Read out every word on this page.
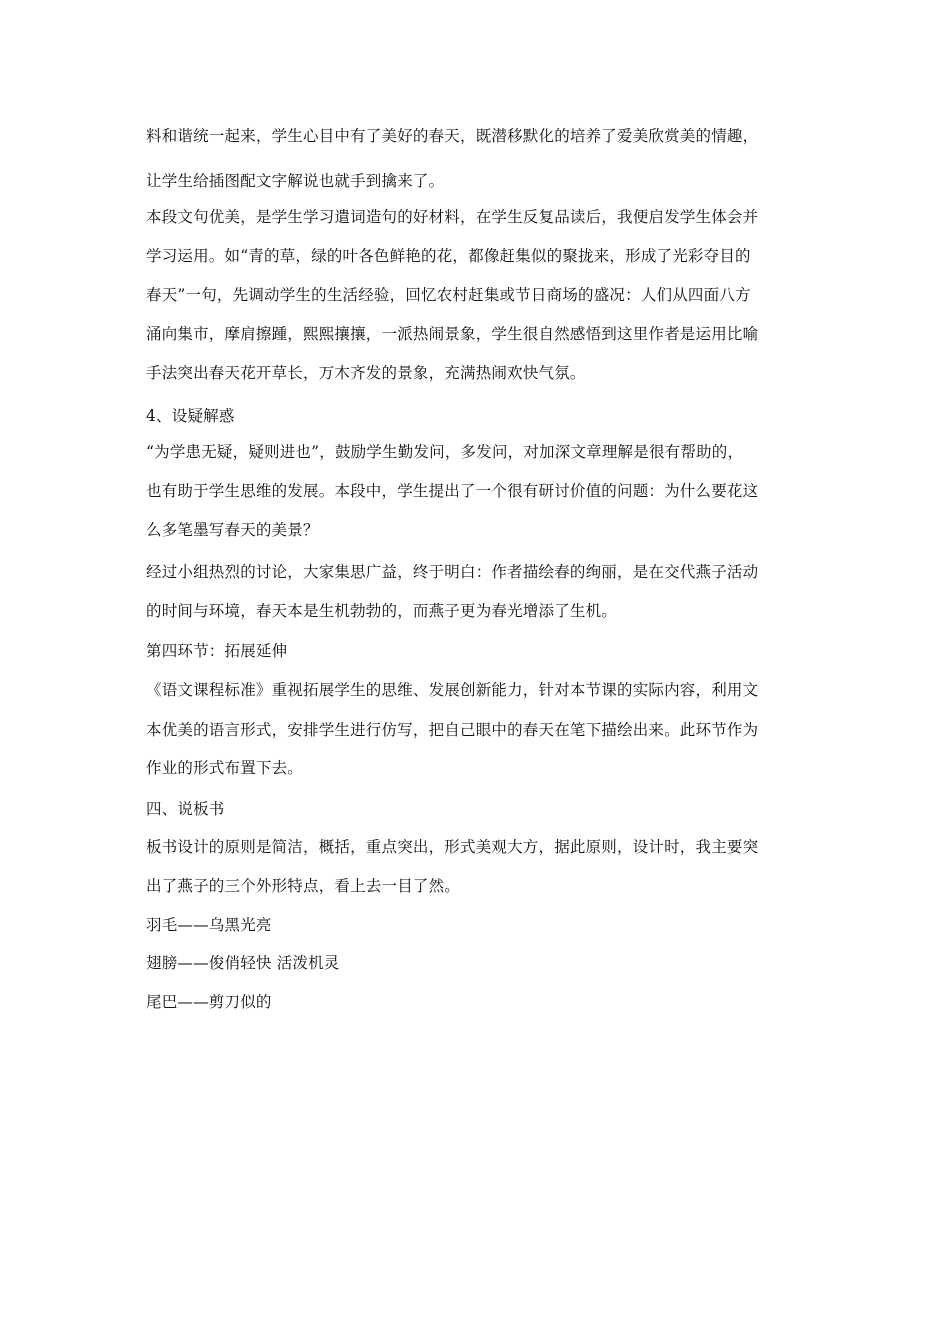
料和谐统一起来，学生心目中有了美好的春天，既潜移默化的培养了爱美欣赏美的情趣，
让学生给插图配文字解说也就手到擒来了。
本段文句优美，是学生学习遣词造句的好材料，在学生反复品读后，我便启发学生体会并
学习运用。如“青的草，绿的叶各色鲜艳的花，都像赶集似的聚拢来，形成了光彩夺目的
春天”一句，先调动学生的生活经验，回忆农村赶集或节日商场的盛况：人们从四面八方
涌向集市，摩肩擦踵，熙熙攘攘，一派热闹景象，学生很自然感悟到这里作者是运用比喻
手法突出春天花开草长，万木齐发的景象，充满热闹欢快气氛。
4、设疑解惑
“为学患无疑，疑则进也”，鼓励学生勤发问，多发问，对加深文章理解是很有帮助的，
也有助于学生思维的发展。本段中，学生提出了一个很有研讨价值的问题：为什么要花这
么多笔墨写春天的美景？
经过小组热烈的讨论，大家集思广益，终于明白：作者描绘春的绚丽，是在交代燕子活动
的时间与环境，春天本是生机勃勃的，而燕子更为春光增添了生机。
第四环节：拓展延伸
《语文课程标准》重视拓展学生的思维、发展创新能力，针对本节课的实际内容，利用文
本优美的语言形式，安排学生进行仿写，把自己眼中的春天在笔下描绘出来。此环节作为
作业的形式布置下去。
四、说板书
板书设计的原则是简洁，概括，重点突出，形式美观大方，据此原则，设计时，我主要突
出了燕子的三个外形特点，看上去一目了然。
羽毛——乌黑光亮
翅膀——俊俏轻快 活泼机灵
尾巴——剪刀似的
